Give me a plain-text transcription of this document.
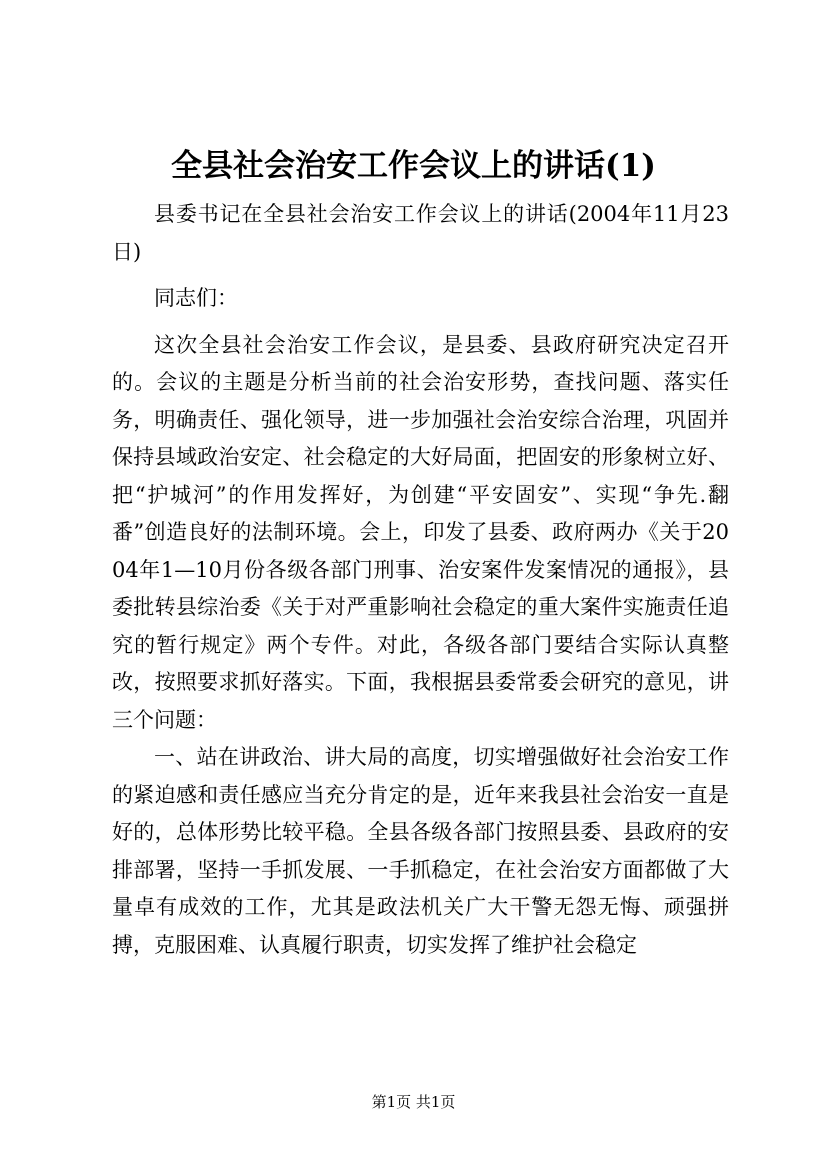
全县社会治安工作会议上的讲话(1)

县委书记在全县社会治安工作会议上的讲话(2004年11月23日)

同志们：

这次全县社会治安工作会议，是县委、县政府研究决定召开的。会议的主题是分析当前的社会治安形势，查找问题、落实任务，明确责任、强化领导，进一步加强社会治安综合治理，巩固并保持县域政治安定、社会稳定的大好局面，把固安的形象树立好、把“护城河”的作用发挥好，为创建“平安固安”、实现“争先.翻番”创造良好的法制环境。会上，印发了县委、政府两办《关于2004年1—10月份各级各部门刑事、治安案件发案情况的通报》，县委批转县综治委《关于对严重影响社会稳定的重大案件实施责任追究的暂行规定》两个专件。对此，各级各部门要结合实际认真整改，按照要求抓好落实。下面，我根据县委常委会研究的意见，讲三个问题：

一、站在讲政治、讲大局的高度，切实增强做好社会治安工作的紧迫感和责任感应当充分肯定的是，近年来我县社会治安一直是好的，总体形势比较平稳。全县各级各部门按照县委、县政府的安排部署，坚持一手抓发展、一手抓稳定，在社会治安方面都做了大量卓有成效的工作，尤其是政法机关广大干警无怨无悔、顽强拼搏，克服困难、认真履行职责，切实发挥了维护社会稳定

第1页 共1页
